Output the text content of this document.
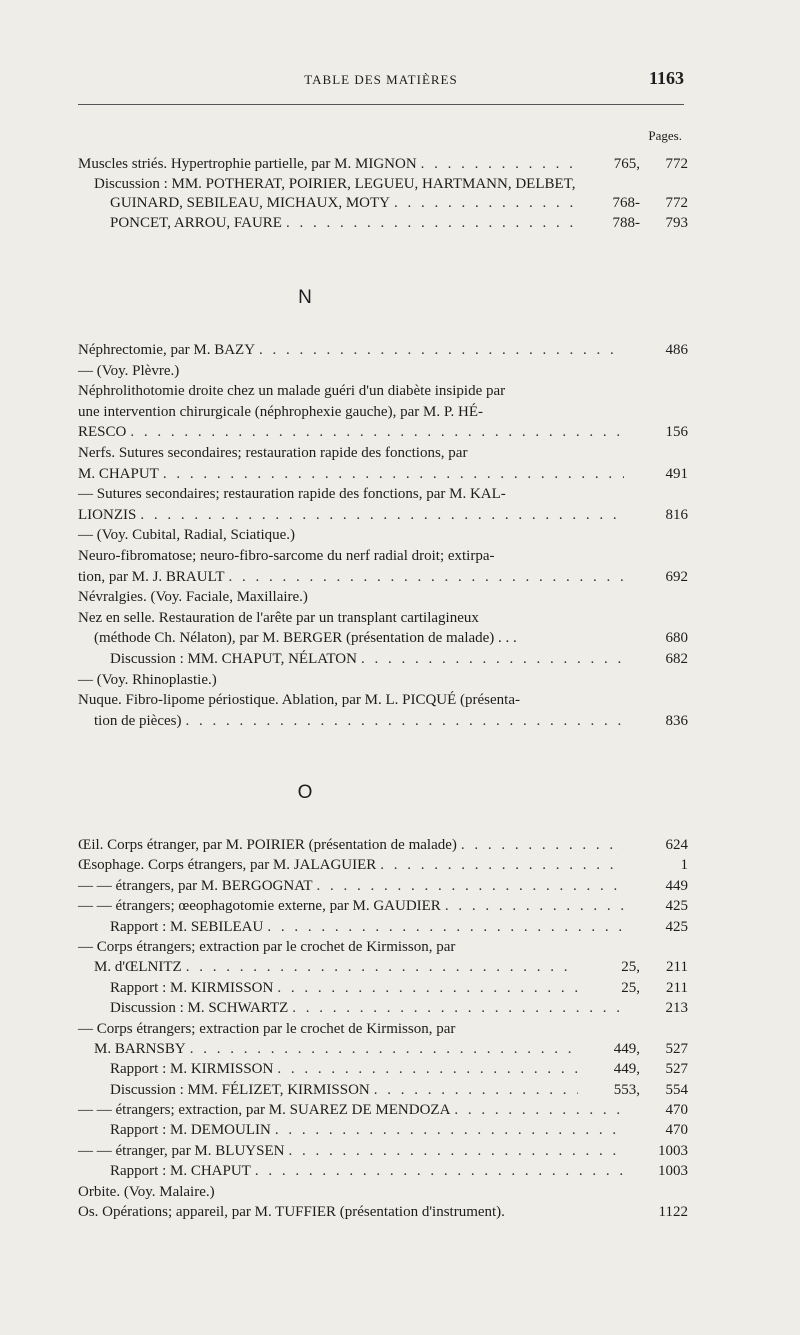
TABLE DES MATIÈRES	1163
Pages.
Muscles striés. Hypertrophie partielle, par M. MIGNON . . .	765,	772
Discussion : MM. POTHERAT, POIRIER, LEGUEU, HARTMANN, DELBET,
GUINARD, SEBILEAU, MICHAUX, MOTY . . .	768-	772
PONCET, ARROU, FAURE . . .	788-	793
N
Néphrectomie, par M. BAZY . . .	486
— (Voy. Plèvre.)
Néphrolithotomie droite chez un malade guéri d'un diabète insipide par
une intervention chirurgicale (néphrophexie gauche), par M. P. HÉ-
RESCO . . .	156
Nerfs. Sutures secondaires; restauration rapide des fonctions, par
M. CHAPUT . . .	491
— Sutures secondaires; restauration rapide des fonctions, par M. KAL-
LIONZIS . . .	816
— (Voy. Cubital, Radial, Sciatique.)
Neuro-fibromatose; neuro-fibro-sarcome du nerf radial droit; extirpa-
tion, par M. J. BRAULT . . .	692
Névralgies. (Voy. Faciale, Maxillaire.)
Nez en selle. Restauration de l'arête par un transplant cartilagineux
(méthode Ch. Nélaton), par M. BERGER (présentation de malade) . . .	680
Discussion : MM. CHAPUT, NÉLATON . . .	682
— (Voy. Rhinoplastie.)
Nuque. Fibro-lipome périostique. Ablation, par M. L. PICQUÉ (présenta-
tion de pièces) . . .	836
O
Œil. Corps étranger, par M. POIRIER (présentation de malade) . . .	624
Œsophage. Corps étrangers, par M. JALAGUIER . . .	1
— — étrangers, par M. BERGOGNAT . . .	449
— — étrangers; œeophagotomie externe, par M. GAUDIER . . .	425
Rapport : M. SEBILEAU . . .	425
— Corps étrangers; extraction par le crochet de Kirmisson, par
M. d'ŒLNITZ . . .	25,	211
Rapport : M. KIRMISSON . . .	25,	211
Discussion : M. SCHWARTZ . . .	213
— Corps étrangers; extraction par le crochet de Kirmisson, par
M. BARNSBY . . .	449,	527
Rapport : M. KIRMISSON . . .	449,	527
Discussion : MM. FÉLIZET, KIRMISSON . . .	553,	554
— — étrangers; extraction, par M. SUAREZ DE MENDOZA . . .	470
Rapport : M. DEMOULIN . . .	470
— — étranger, par M. BLUYSEN . . .	1003
Rapport : M. CHAPUT . . .	1003
Orbite. (Voy. Malaire.)
Os. Opérations; appareil, par M. TUFFIER (présentation d'instrument).	1122
